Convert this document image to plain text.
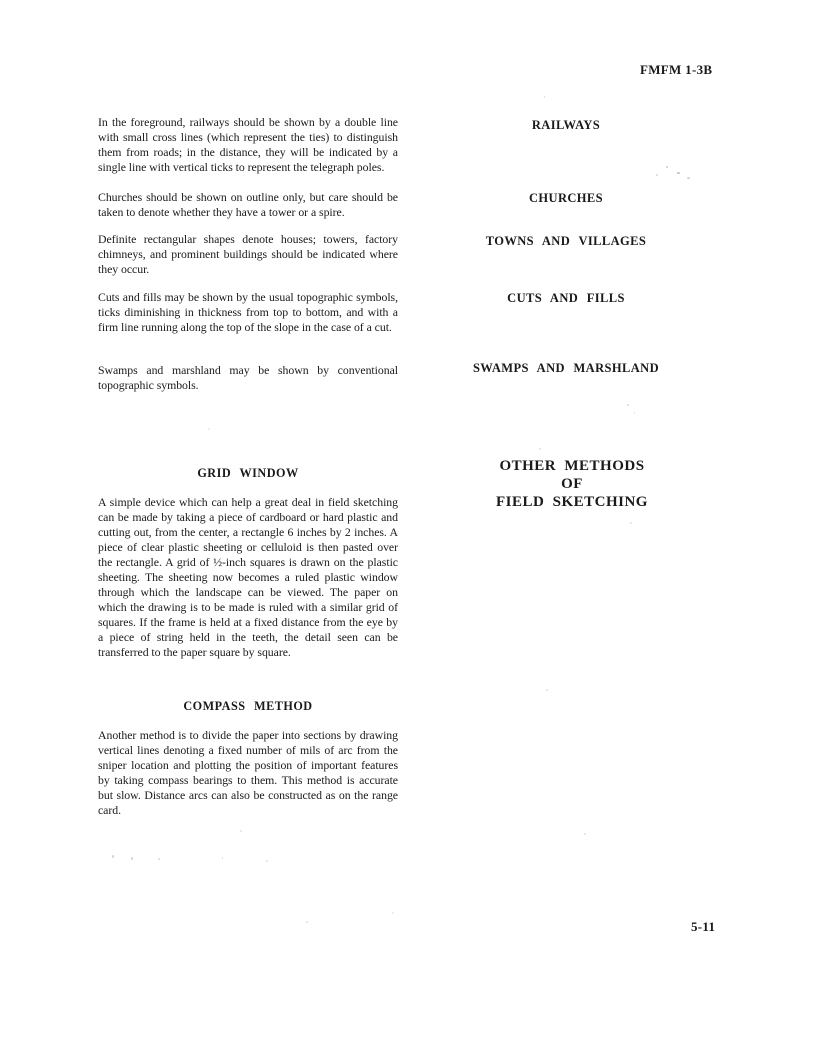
FMFM 1-3B

In the foreground, railways should be shown by a double line with small cross lines (which represent the ties) to distinguish them from roads; in the distance, they will be indicated by a single line with vertical ticks to represent the telegraph poles.

Churches should be shown on outline only, but care should be taken to denote whether they have a tower or a spire.

Definite rectangular shapes denote houses; towers, factory chimneys, and prominent buildings should be indicated where they occur.

Cuts and fills may be shown by the usual topographic symbols, ticks diminishing in thickness from top to bottom, and with a firm line running along the top of the slope in the case of a cut.

Swamps and marshland may be shown by conventional topographic symbols.

GRID WINDOW

A simple device which can help a great deal in field sketching can be made by taking a piece of cardboard or hard plastic and cutting out, from the center, a rectangle 6 inches by 2 inches. A piece of clear plastic sheeting or celluloid is then pasted over the rectangle. A grid of ½-inch squares is drawn on the plastic sheeting. The sheeting now becomes a ruled plastic window through which the landscape can be viewed. The paper on which the drawing is to be made is ruled with a similar grid of squares. If the frame is held at a fixed distance from the eye by a piece of string held in the teeth, the detail seen can be transferred to the paper square by square.

COMPASS METHOD

Another method is to divide the paper into sections by drawing vertical lines denoting a fixed number of mils of arc from the sniper location and plotting the position of important features by taking compass bearings to them. This method is accurate but slow. Distance arcs can also be constructed as on the range card.

RAILWAYS
CHURCHES
TOWNS AND VILLAGES
CUTS AND FILLS
SWAMPS AND MARSHLAND
OTHER METHODS
OF
FIELD SKETCHING
5-11
